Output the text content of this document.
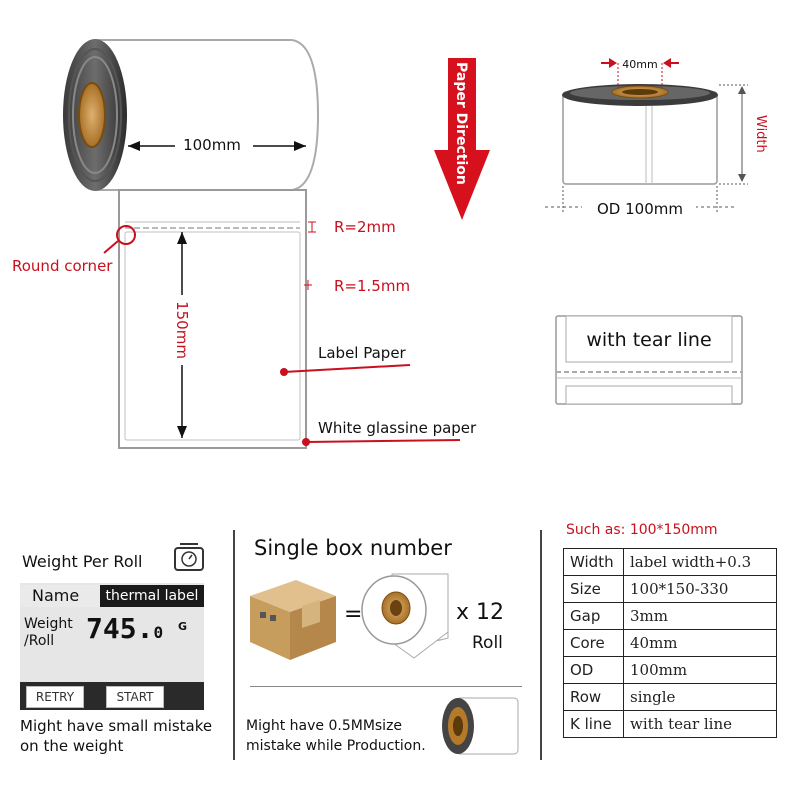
100mm
150mm
Round corner
R=2mm
R=1.5mm
Label Paper
White glassine paper
Paper Direction	40mm
Width
OD 100mm
with tear line
Weight Per Roll
Name	thermal label
Weight
/Roll	745.0 G
RETRY	START
Might have small mistake
on the weight
Single box number
=	x 12
Roll
Might have 0.5MMsize
mistake while Production.
Such as: 100*150mm
Width	label width+0.3
Size	100*150-330
Gap	3mm
Core	40mm
OD	100mm
Row	single
K line	with tear line
